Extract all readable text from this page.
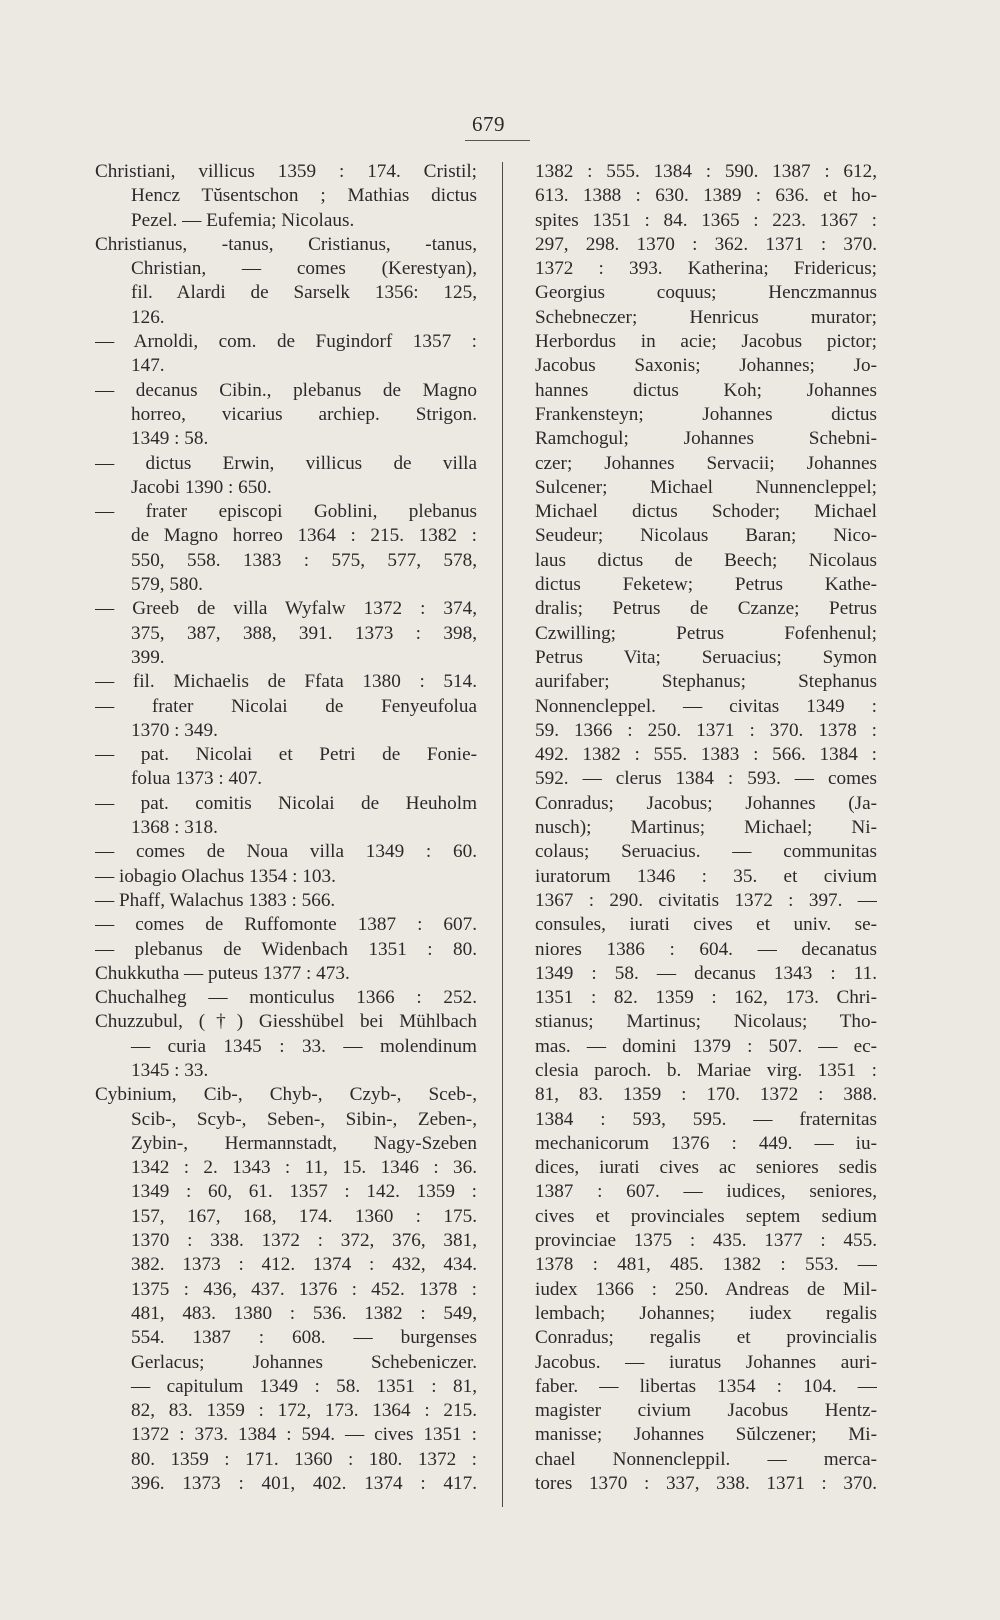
679
Christiani, villicus 1359 : 174. Cristil;
Hencz Tŭsentschon ; Mathias dictus
Pezel. — Eufemia; Nicolaus.
Christianus, -tanus, Cristianus, -tanus,
Christian, — comes (Kerestyan),
fil. Alardi de Sarselk 1356: 125,
126.
— Arnoldi, com. de Fugindorf 1357 :
147.
— decanus Cibin., plebanus de Magno
horreo, vicarius archiep. Strigon.
1349 : 58.
— dictus Erwin, villicus de villa
Jacobi 1390 : 650.
— frater episcopi Goblini, plebanus
de Magno horreo 1364 : 215. 1382 :
550, 558. 1383 : 575, 577, 578,
579, 580.
— Greeb de villa Wyfalw 1372 : 374,
375, 387, 388, 391. 1373 : 398,
399.
— fil. Michaelis de Ffata 1380 : 514.
— frater Nicolai de Fenyeufolua
1370 : 349.
— pat. Nicolai et Petri de Fonie-
folua 1373 : 407.
— pat. comitis Nicolai de Heuholm
1368 : 318.
— comes de Noua villa 1349 : 60.
— iobagio Olachus 1354 : 103.
— Phaff, Walachus 1383 : 566.
— comes de Ruffomonte 1387 : 607.
— plebanus de Widenbach 1351 : 80.
Chukkutha — puteus 1377 : 473.
Chuchalheg — monticulus 1366 : 252.
Chuzzubul, (†) Giesshübel bei Mühlbach
— curia 1345 : 33. — molendinum
1345 : 33.
Cybinium, Cib-, Chyb-, Czyb-, Sceb-,
Scib-, Scyb-, Seben-, Sibin-, Zeben-,
Zybin-, Hermannstadt, Nagy-Szeben
1342 : 2. 1343 : 11, 15. 1346 : 36.
1349 : 60, 61. 1357 : 142. 1359 :
157, 167, 168, 174. 1360 : 175.
1370 : 338. 1372 : 372, 376, 381,
382. 1373 : 412. 1374 : 432, 434.
1375 : 436, 437. 1376 : 452. 1378 :
481, 483. 1380 : 536. 1382 : 549,
554. 1387 : 608. — burgenses
Gerlacus; Johannes Schebeniczer.
— capitulum 1349 : 58. 1351 : 81,
82, 83. 1359 : 172, 173. 1364 : 215.
1372 : 373. 1384 : 594. — cives 1351 :
80. 1359 : 171. 1360 : 180. 1372 :
396. 1373 : 401, 402. 1374 : 417.
1382 : 555. 1384 : 590. 1387 : 612,
613. 1388 : 630. 1389 : 636. et ho-
spites 1351 : 84. 1365 : 223. 1367 :
297, 298. 1370 : 362. 1371 : 370.
1372 : 393. Katherina; Fridericus;
Georgius coquus; Henczmannus
Schebneczer; Henricus murator;
Herbordus in acie; Jacobus pictor;
Jacobus Saxonis; Johannes; Jo-
hannes dictus Koh; Johannes
Frankensteyn; Johannes dictus
Ramchogul; Johannes Schebni-
czer; Johannes Servacii; Johannes
Sulcener; Michael Nunnencleppel;
Michael dictus Schoder; Michael
Seudeur; Nicolaus Baran; Nico-
laus dictus de Beech; Nicolaus
dictus Feketew; Petrus Kathe-
dralis; Petrus de Czanze; Petrus
Czwilling; Petrus Fofenhenul;
Petrus Vita; Seruacius; Symon
aurifaber; Stephanus; Stephanus
Nonnencleppel. — civitas 1349 :
59. 1366 : 250. 1371 : 370. 1378 :
492. 1382 : 555. 1383 : 566. 1384 :
592. — clerus 1384 : 593. — comes
Conradus; Jacobus; Johannes (Ja-
nusch); Martinus; Michael; Ni-
colaus; Seruacius. — communitas
iuratorum 1346 : 35. et civium
1367 : 290. civitatis 1372 : 397. —
consules, iurati cives et univ. se-
niores 1386 : 604. — decanatus
1349 : 58. — decanus 1343 : 11.
1351 : 82. 1359 : 162, 173. Chri-
stianus; Martinus; Nicolaus; Tho-
mas. — domini 1379 : 507. — ec-
clesia paroch. b. Mariae virg. 1351 :
81, 83. 1359 : 170. 1372 : 388.
1384 : 593, 595. — fraternitas
mechanicorum 1376 : 449. — iu-
dices, iurati cives ac seniores sedis
1387 : 607. — iudices, seniores,
cives et provinciales septem sedium
provinciae 1375 : 435. 1377 : 455.
1378 : 481, 485. 1382 : 553. —
iudex 1366 : 250. Andreas de Mil-
lembach; Johannes; iudex regalis
Conradus; regalis et provincialis
Jacobus. — iuratus Johannes auri-
faber. — libertas 1354 : 104. —
magister civium Jacobus Hentz-
manisse; Johannes Sŭlczener; Mi-
chael Nonnencleppil. — merca-
tores 1370 : 337, 338. 1371 : 370.
